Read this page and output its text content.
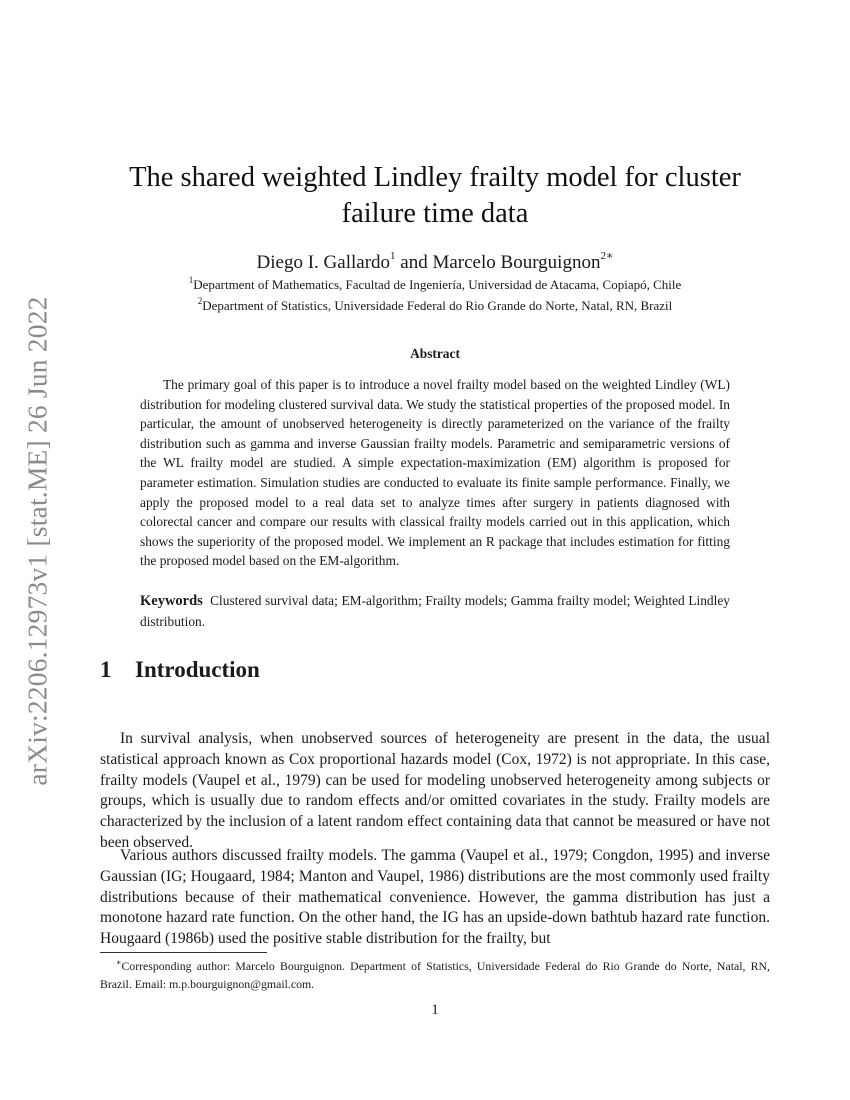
arXiv:2206.12973v1 [stat.ME] 26 Jun 2022
The shared weighted Lindley frailty model for cluster
failure time data
Diego I. Gallardo$^1$ and Marcelo Bourguignon$^{2∗}$
$^1$Department of Mathematics, Facultad de Ingeniería, Universidad de Atacama, Copiapó, Chile
$^2$Department of Statistics, Universidade Federal do Rio Grande do Norte, Natal, RN, Brazil
Abstract

The primary goal of this paper is to introduce a novel frailty model based on the weighted Lindley (WL) distribution for modeling clustered survival data. We study the statistical properties of the proposed model. In particular, the amount of unobserved heterogeneity is directly parameterized on the variance of the frailty distribution such as gamma and inverse Gaussian frailty models. Parametric and semiparametric versions of the WL frailty model are studied. A simple expectation-maximization (EM) algorithm is proposed for parameter estimation. Simulation studies are conducted to evaluate its finite sample performance. Finally, we apply the proposed model to a real data set to analyze times after surgery in patients diagnosed with colorectal cancer and compare our results with classical frailty models carried out in this application, which shows the superiority of the proposed model. We implement an R package that includes estimation for fitting the proposed model based on the EM-algorithm.

Keywords Clustered survival data; EM-algorithm; Frailty models; Gamma frailty model; Weighted Lindley distribution.

1 Introduction

In survival analysis, when unobserved sources of heterogeneity are present in the data, the usual statistical approach known as Cox proportional hazards model (Cox, 1972) is not appropriate. In this case, frailty models (Vaupel et al., 1979) can be used for modeling unobserved heterogeneity among subjects or groups, which is usually due to random effects and/or omitted covariates in the study. Frailty models are characterized by the inclusion of a latent random effect containing data that cannot be measured or have not been observed.

Various authors discussed frailty models. The gamma (Vaupel et al., 1979; Congdon, 1995) and inverse Gaussian (IG; Hougaard, 1984; Manton and Vaupel, 1986) distributions are the most commonly used frailty distributions because of their mathematical convenience. However, the gamma distribution has just a monotone hazard rate function. On the other hand, the IG has an upside-down bathtub hazard rate function. Hougaard (1986b) used the positive stable distribution for the frailty, but

∗Corresponding author: Marcelo Bourguignon. Department of Statistics, Universidade Federal do Rio Grande do Norte, Natal, RN, Brazil. Email: m.p.bourguignon@gmail.com.

1
